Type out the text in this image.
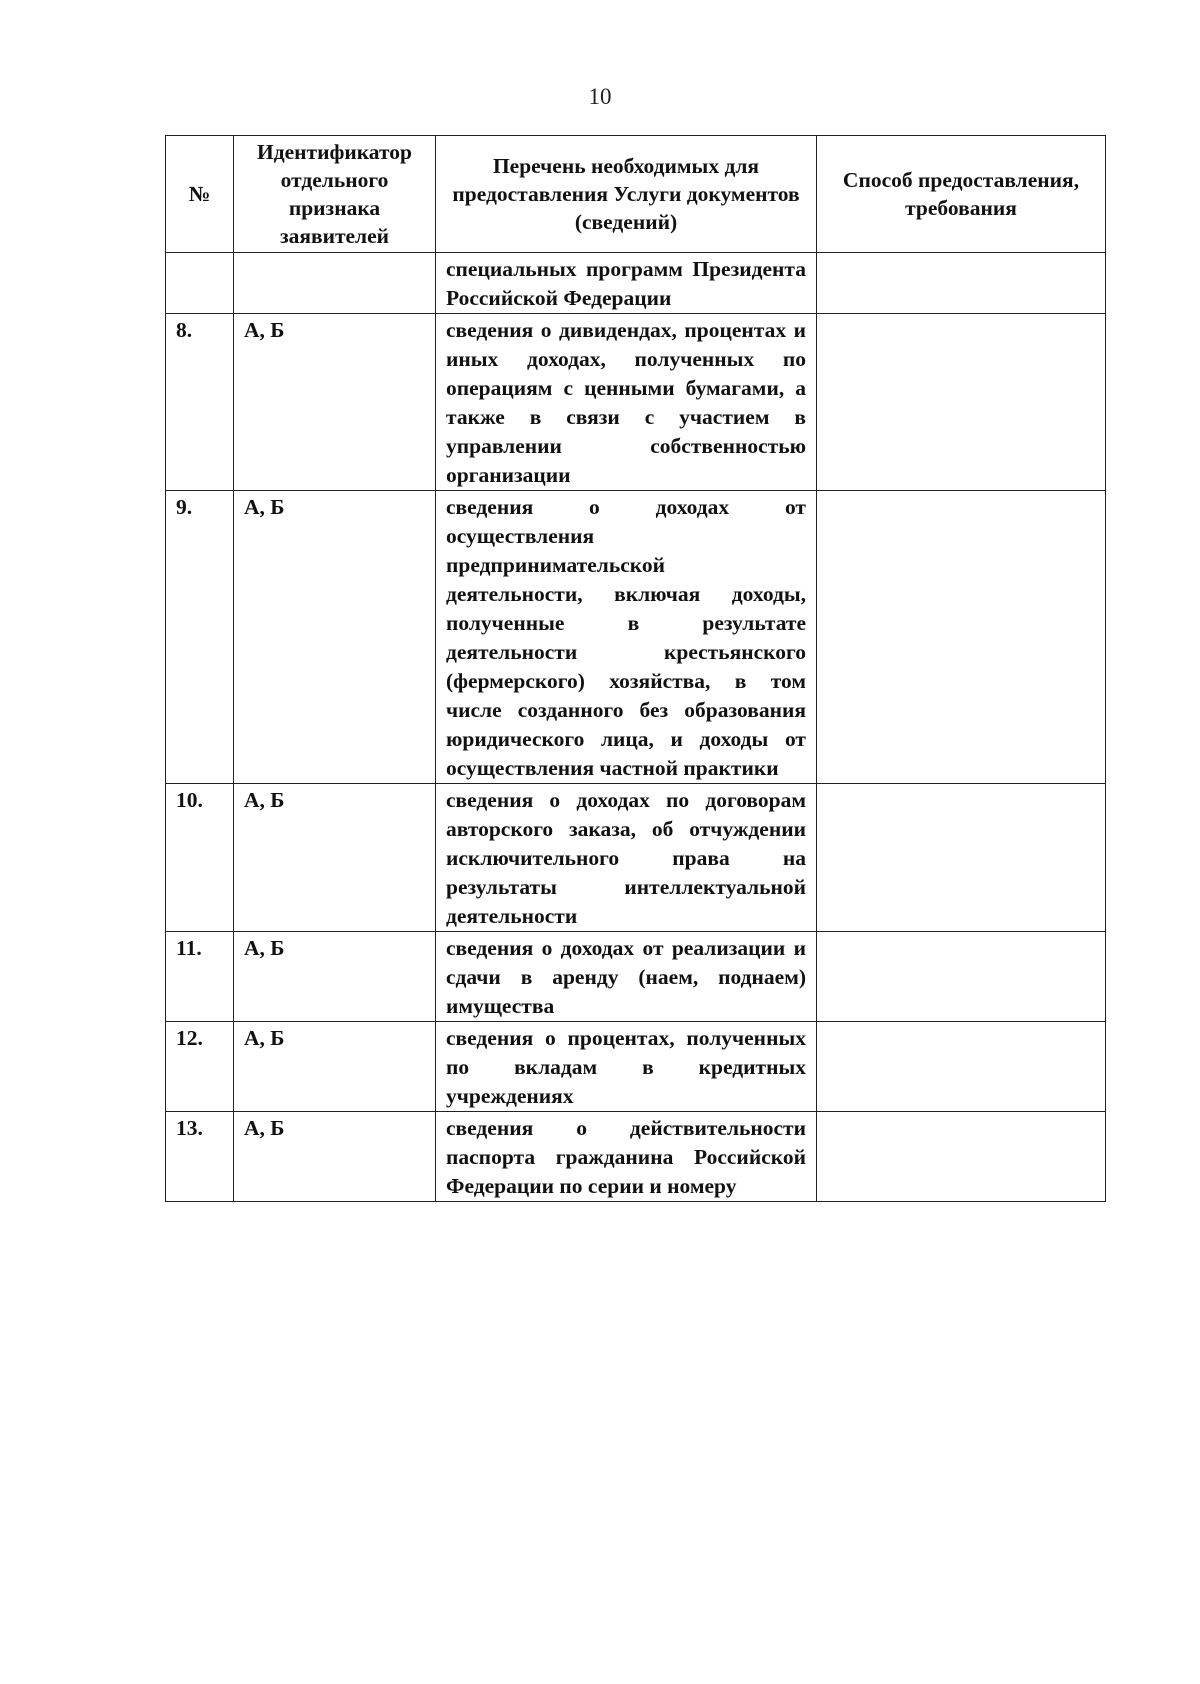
10
№	Идентификатор отдельного признака заявителей	Перечень необходимых для предоставления Услуги документов (сведений)	Способ предоставления, требования
		специальных программ Президента Российской Федерации	
8.	А, Б	сведения о дивидендах, процентах и иных доходах, полученных по операциям с ценными бумагами, а также в связи с участием в управлении собственностью организации	
9.	А, Б	сведения о доходах от осуществления предпринимательской деятельности, включая доходы, полученные в результате деятельности крестьянского (фермерского) хозяйства, в том числе созданного без образования юридического лица, и доходы от осуществления частной практики	
10.	А, Б	сведения о доходах по договорам авторского заказа, об отчуждении исключительного права на результаты интеллектуальной деятельности	
11.	А, Б	сведения о доходах от реализации и сдачи в аренду (наем, поднаем) имущества	
12.	А, Б	сведения о процентах, полученных по вкладам в кредитных учреждениях	
13.	А, Б	сведения о действительности паспорта гражданина Российской Федерации по серии и номеру	
